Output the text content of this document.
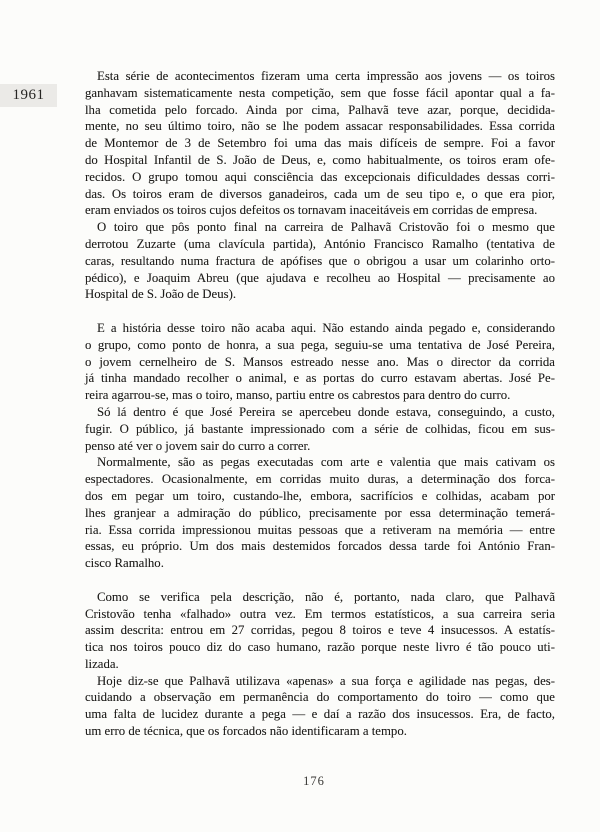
1961
Esta série de acontecimentos fizeram uma certa impressão aos jovens — os toiros
ganhavam sistematicamente nesta competição, sem que fosse fácil apontar qual a fa-
lha cometida pelo forcado. Ainda por cima, Palhavã teve azar, porque, decidida-
mente, no seu último toiro, não se lhe podem assacar responsabilidades. Essa corrida
de Montemor de 3 de Setembro foi uma das mais difíceis de sempre. Foi a favor
do Hospital Infantil de S. João de Deus, e, como habitualmente, os toiros eram ofe-
recidos. O grupo tomou aqui consciência das excepcionais dificuldades dessas corri-
das. Os toiros eram de diversos ganadeiros, cada um de seu tipo e, o que era pior,
eram enviados os toiros cujos defeitos os tornavam inaceitáveis em corridas de empresa.
O toiro que pôs ponto final na carreira de Palhavã Cristovão foi o mesmo que
derrotou Zuzarte (uma clavícula partida), António Francisco Ramalho (tentativa de
caras, resultando numa fractura de apófises que o obrigou a usar um colarinho orto-
pédico), e Joaquim Abreu (que ajudava e recolheu ao Hospital — precisamente ao
Hospital de S. João de Deus).
E a história desse toiro não acaba aqui. Não estando ainda pegado e, considerando
o grupo, como ponto de honra, a sua pega, seguiu-se uma tentativa de José Pereira,
o jovem cernelheiro de S. Mansos estreado nesse ano. Mas o director da corrida
já tinha mandado recolher o animal, e as portas do curro estavam abertas. José Pe-
reira agarrou-se, mas o toiro, manso, partiu entre os cabrestos para dentro do curro.
Só lá dentro é que José Pereira se apercebeu donde estava, conseguindo, a custo,
fugir. O público, já bastante impressionado com a série de colhidas, ficou em sus-
penso até ver o jovem sair do curro a correr.
Normalmente, são as pegas executadas com arte e valentia que mais cativam os
espectadores. Ocasionalmente, em corridas muito duras, a determinação dos forca-
dos em pegar um toiro, custando-lhe, embora, sacrifícios e colhidas, acabam por
lhes granjear a admiração do público, precisamente por essa determinação temerá-
ria. Essa corrida impressionou muitas pessoas que a retiveram na memória — entre
essas, eu próprio. Um dos mais destemidos forcados dessa tarde foi António Fran-
cisco Ramalho.
Como se verifica pela descrição, não é, portanto, nada claro, que Palhavã
Cristovão tenha «falhado» outra vez. Em termos estatísticos, a sua carreira seria
assim descrita: entrou em 27 corridas, pegou 8 toiros e teve 4 insucessos. A estatís-
tica nos toiros pouco diz do caso humano, razão porque neste livro é tão pouco uti-
lizada.
Hoje diz-se que Palhavã utilizava «apenas» a sua força e agilidade nas pegas, des-
cuidando a observação em permanência do comportamento do toiro — como que
uma falta de lucidez durante a pega — e daí a razão dos insucessos. Era, de facto,
um erro de técnica, que os forcados não identificaram a tempo.
176
